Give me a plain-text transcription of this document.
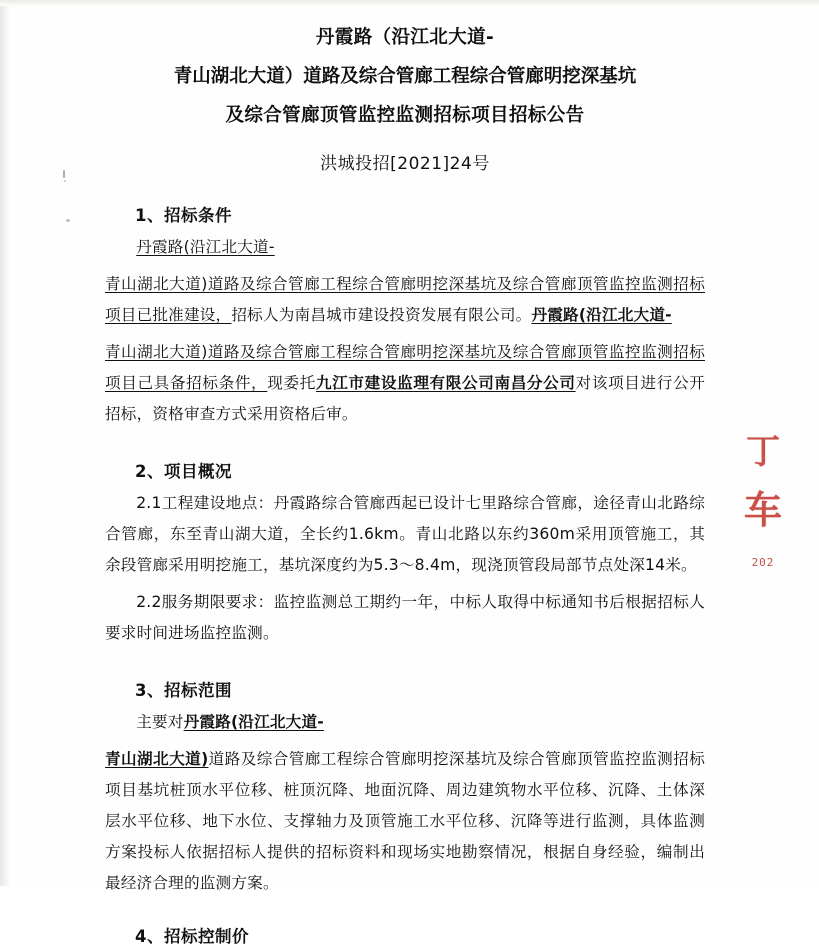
丹霞路（沿江北大道-
青山湖北大道）道路及综合管廊工程综合管廊明挖深基坑
及综合管廊顶管监控监测招标项目招标公告
洪城投招[2021]24号
1、招标条件

丹霞路(沿江北大道-

青山湖北大道)道路及综合管廊工程综合管廊明挖深基坑及综合管廊顶管监控监测招标项目已批准建设，招标人为南昌城市建设投资发展有限公司。丹霞路(沿江北大道-

青山湖北大道)道路及综合管廊工程综合管廊明挖深基坑及综合管廊顶管监控监测招标项目己具备招标条件，现委托九江市建设监理有限公司南昌分公司对该项目进行公开招标，资格审查方式采用资格后审。

2、项目概况

2.1工程建设地点：丹霞路综合管廊西起已设计七里路综合管廊，途径青山北路综合管廊，东至青山湖大道，全长约1.6km。青山北路以东约360m采用顶管施工，其余段管廊采用明挖施工，基坑深度约为5.3～8.4m，现浇顶管段局部节点处深14米。

2.2服务期限要求：监控监测总工期约一年，中标人取得中标通知书后根据招标人要求时间进场监控监测。

3、招标范围

主要对丹霞路(沿江北大道-

青山湖北大道)道路及综合管廊工程综合管廊明挖深基坑及综合管廊顶管监控监测招标项目基坑桩顶水平位移、桩顶沉降、地面沉降、周边建筑物水平位移、沉降、土体深层水平位移、地下水位、支撑轴力及顶管施工水平位移、沉降等进行监测，具体监测方案投标人依据招标人提供的招标资料和现场实地勘察情况，根据自身经验，编制出最经济合理的监测方案。

4、招标控制价
丁
车
202
